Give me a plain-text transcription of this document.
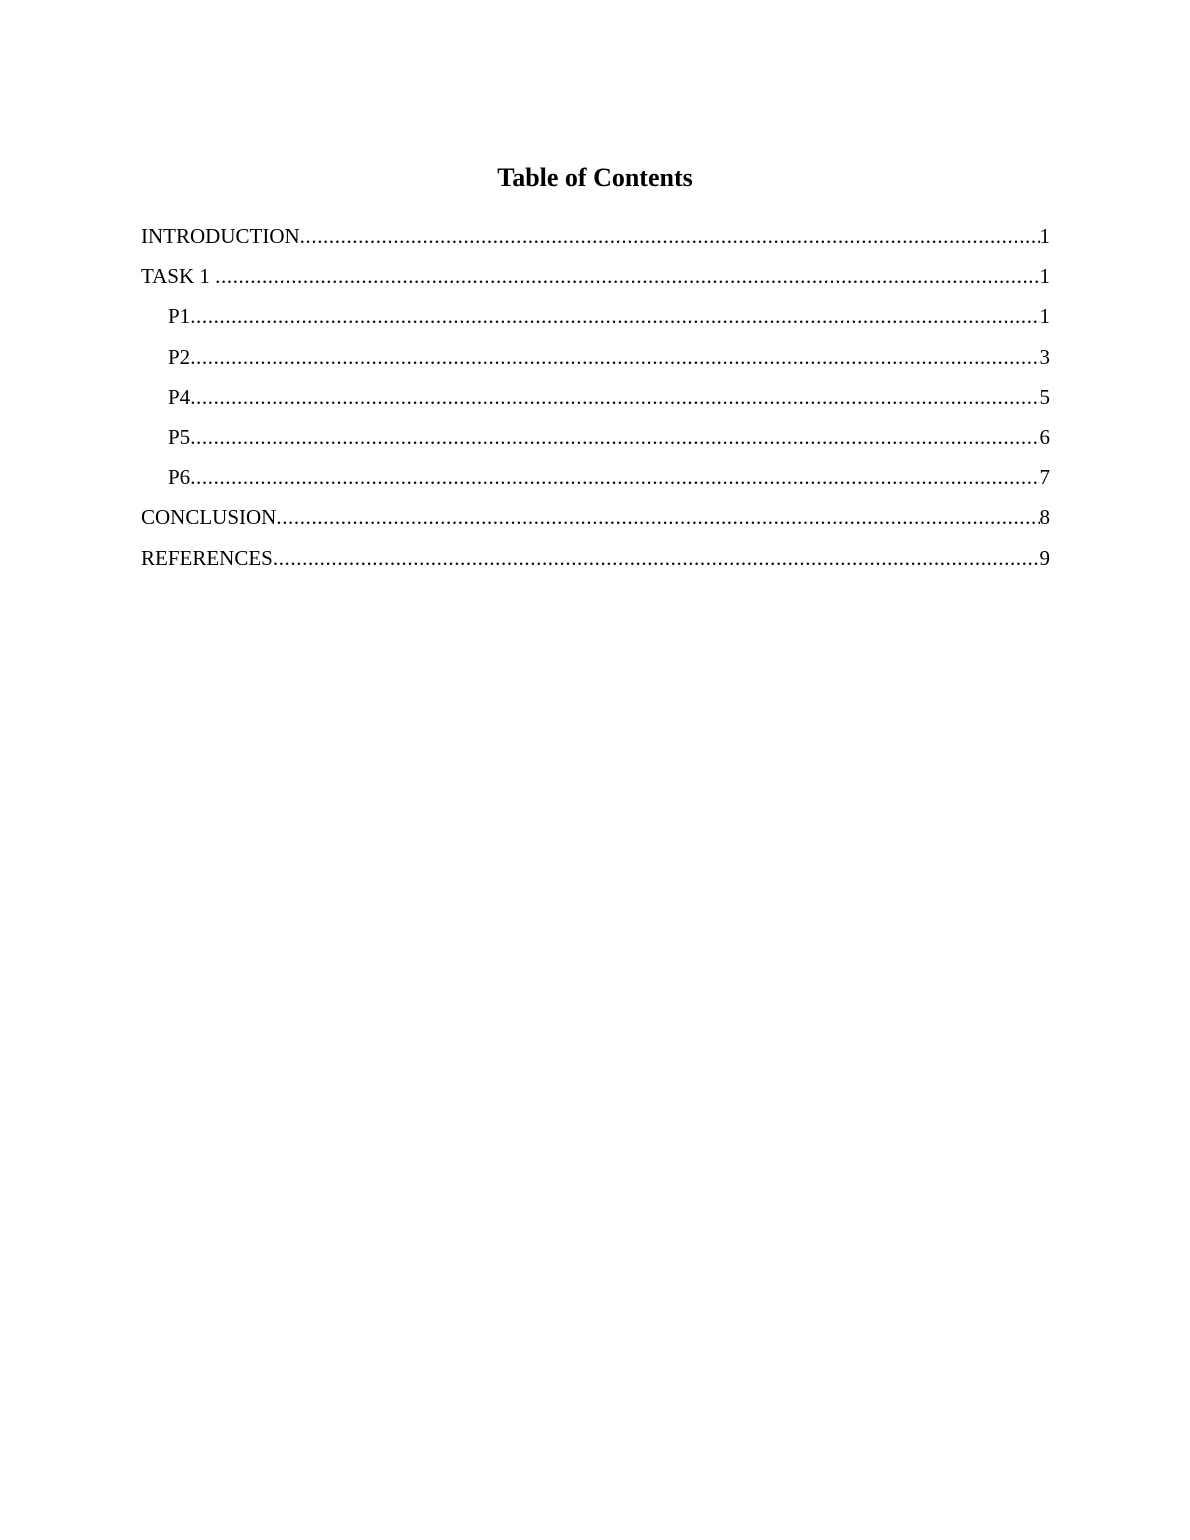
Table of Contents
INTRODUCTION .....	1
TASK 1 .....	1
P1 .....	1
P2 .....	3
P4 .....	5
P5 .....	6
P6 .....	7
CONCLUSION .....	8
REFERENCES .....	9
